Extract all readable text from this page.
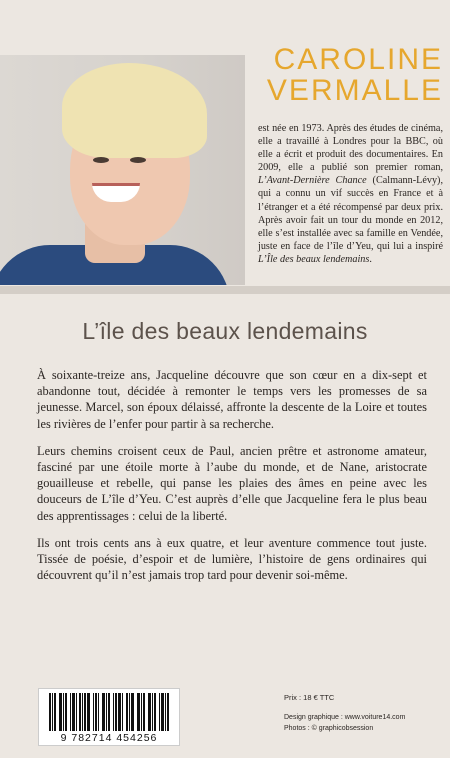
CAROLINE
VERMALLE
est née en 1973. Après des études de cinéma, elle a travaillé à Londres pour la BBC, où elle a écrit et produit des documentaires. En 2009, elle a publié son premier roman, L’Avant-Dernière Chance (Calmann-Lévy), qui a connu un vif succès en France et à l’étranger et a été récompensé par deux prix. Après avoir fait un tour du monde en 2012, elle s’est installée avec sa famille en Vendée, juste en face de l’île d’Yeu, qui lui a inspiré L’Île des beaux lendemains.
L’île des beaux lendemains

À soixante-treize ans, Jacqueline découvre que son cœur en a dix-sept et abandonne tout, décidée à remonter le temps vers les promesses de sa jeunesse. Marcel, son époux délaissé, affronte la descente de la Loire et toutes les rivières de l’enfer pour partir à sa recherche.

Leurs chemins croisent ceux de Paul, ancien prêtre et astronome amateur, fasciné par une étoile morte à l’aube du monde, et de Nane, aristocrate gouailleuse et rebelle, qui panse les plaies des âmes en peine avec les douceurs de L’île d’Yeu. C’est auprès d’elle que Jacqueline fera le plus beau des apprentissages : celui de la liberté.

Ils ont trois cents ans à eux quatre, et leur aventure commence tout juste. Tissée de poésie, d’espoir et de lumière, l’histoire de gens ordinaires qui découvrent qu’il n’est jamais trop tard pour devenir soi-même.

9 782714 454256
Prix : 18 € TTC
Design graphique : www.voiture14.com
Photos : © graphicobsession
